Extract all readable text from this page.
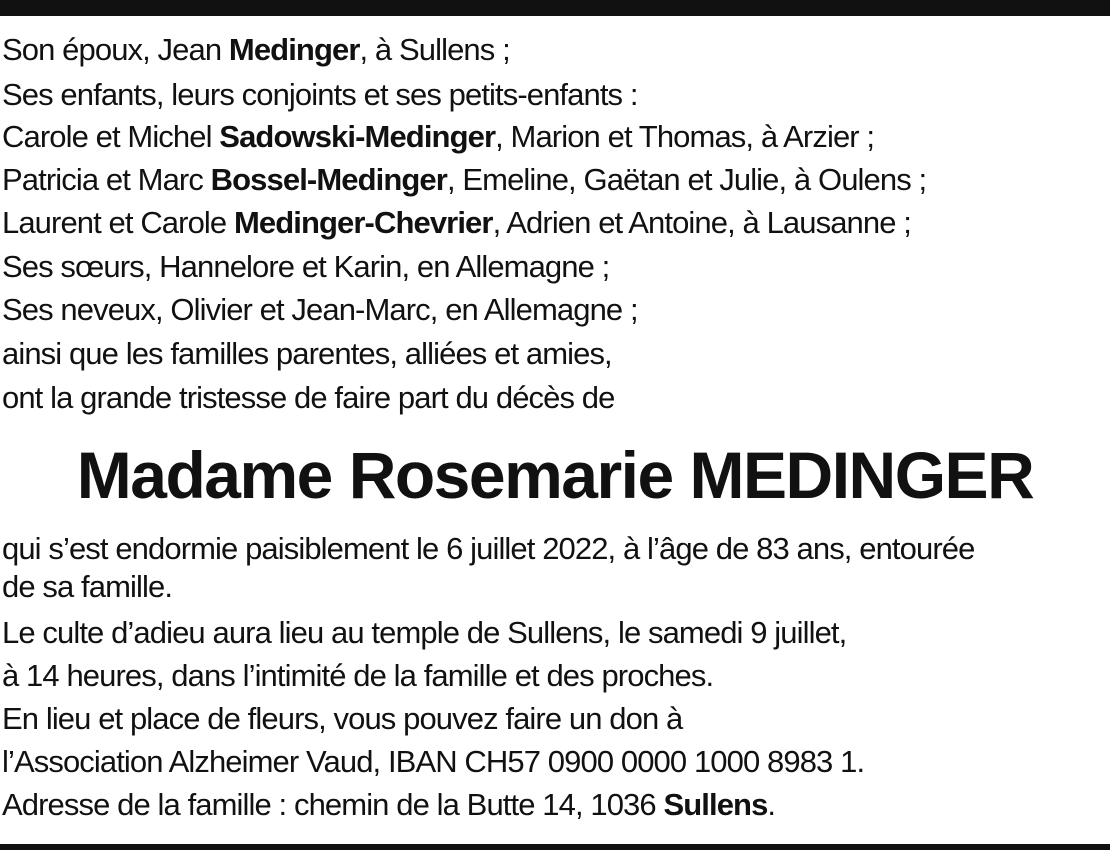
Son époux, Jean Medinger, à Sullens ;
Ses enfants, leurs conjoints et ses petits-enfants :
Carole et Michel Sadowski-Medinger, Marion et Thomas, à Arzier ;
Patricia et Marc Bossel-Medinger, Emeline, Gaëtan et Julie, à Oulens ;
Laurent et Carole Medinger-Chevrier, Adrien et Antoine, à Lausanne ;
Ses sœurs, Hannelore et Karin, en Allemagne ;
Ses neveux, Olivier et Jean-Marc, en Allemagne ;
ainsi que les familles parentes, alliées et amies,
ont la grande tristesse de faire part du décès de
Madame Rosemarie MEDINGER
qui s’est endormie paisiblement le 6 juillet 2022, à l’âge de 83 ans, entourée
de sa famille.
Le culte d’adieu aura lieu au temple de Sullens, le samedi 9 juillet,
à 14 heures, dans l’intimité de la famille et des proches.
En lieu et place de fleurs, vous pouvez faire un don à
l’Association Alzheimer Vaud, IBAN CH57 0900 0000 1000 8983 1.
Adresse de la famille : chemin de la Butte 14, 1036 Sullens.
